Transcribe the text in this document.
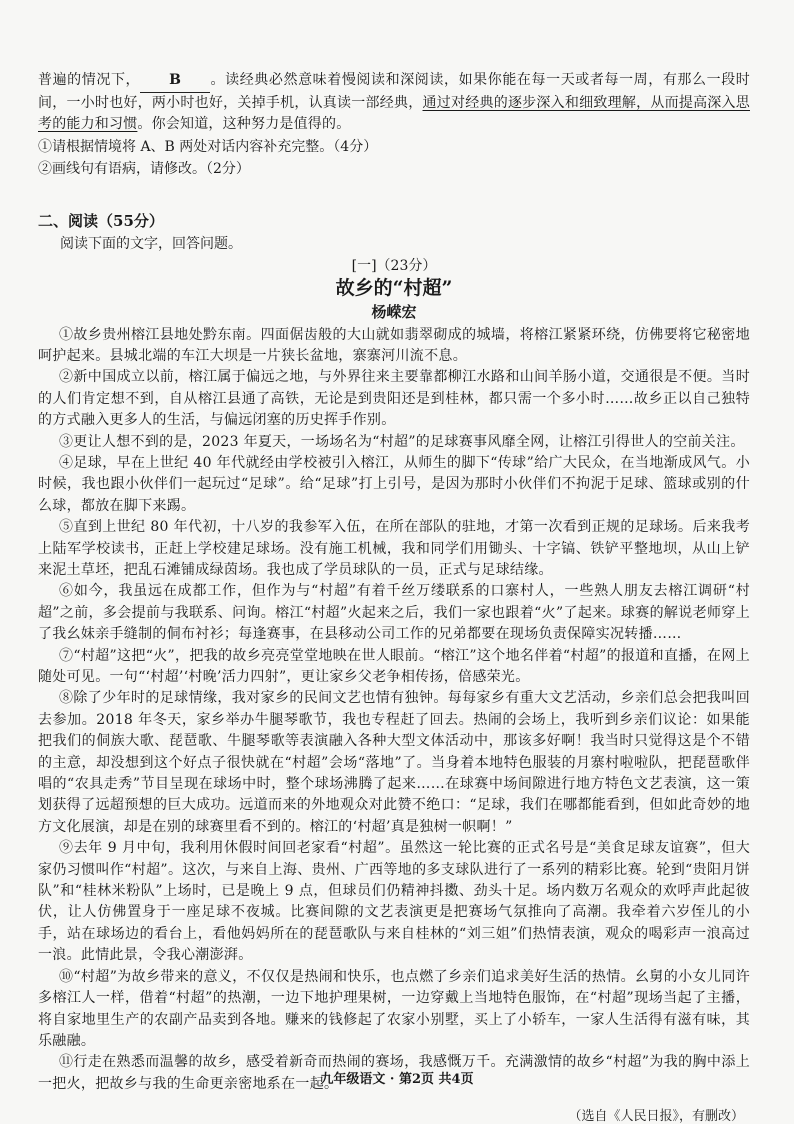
普遍的情况下， B 。读经典必然意味着慢阅读和深阅读，如果你能在每一天或者每一周，有那么一段时间，一小时也好，两小时也好，关掉手机，认真读一部经典，通过对经典的逐步深入和细致理解，从而提高深入思考的能力和习惯。你会知道，这种努力是值得的。

①请根据情境将 A、B 两处对话内容补充完整。（4分）

②画线句有语病，请修改。（2分）

二、阅读（55分）

阅读下面的文字，回答问题。

[一]（23分）

故乡的“村超”

杨嵘宏

①故乡贵州榕江县地处黔东南。四面倨齿般的大山就如翡翠砌成的城墙，将榕江紧紧环绕，仿佛要将它秘密地呵护起来。县城北端的车江大坝是一片狭长盆地，寨寨河川流不息。

②新中国成立以前，榕江属于偏远之地，与外界往来主要靠都柳江水路和山间羊肠小道，交通很是不便。当时的人们肯定想不到，自从榕江县通了高铁，无论是到贵阳还是到桂林，都只需一个多小时……故乡正以自己独特的方式融入更多人的生活，与偏远闭塞的历史挥手作别。

③更让人想不到的是，2023 年夏天，一场场名为“村超”的足球赛事风靡全网，让榕江引得世人的空前关注。

④足球，早在上世纪 40 年代就经由学校被引入榕江，从师生的脚下“传球”给广大民众，在当地渐成风气。小时候，我也跟小伙伴们一起玩过“足球”。给“足球”打上引号，是因为那时小伙伴们不拘泥于足球、篮球或别的什么球，都放在脚下来踢。

⑤直到上世纪 80 年代初，十八岁的我参军入伍，在所在部队的驻地，才第一次看到正规的足球场。后来我考上陆军学校读书，正赶上学校建足球场。没有施工机械，我和同学们用锄头、十字镐、铁铲平整地坝，从山上铲来泥土草坯，把乱石滩铺成绿茵场。我也成了学员球队的一员，正式与足球结缘。

⑥如今，我虽远在成都工作，但作为与“村超”有着千丝万缕联系的口寨村人，一些熟人朋友去榕江调研“村超”之前，多会提前与我联系、问询。榕江“村超”火起来之后，我们一家也跟着“火”了起来。球赛的解说老师穿上了我幺妹亲手缝制的侗布衬衫；每逢赛事，在县移动公司工作的兄弟都要在现场负责保障实况转播……

⑦“村超”这把“火”，把我的故乡亮亮堂堂地映在世人眼前。“榕江”这个地名伴着“村超”的报道和直播，在网上随处可见。一句“‘村超’‘村晚’活力四射”，更让家乡父老争相传扬，倍感荣光。

⑧除了少年时的足球情缘，我对家乡的民间文艺也情有独钟。每每家乡有重大文艺活动，乡亲们总会把我叫回去参加。2018 年冬天，家乡举办牛腿琴歌节，我也专程赶了回去。热闹的会场上，我听到乡亲们议论：如果能把我们的侗族大歌、琵琶歌、牛腿琴歌等表演融入各种大型文体活动中，那该多好啊！我当时只觉得这是个不错的主意，却没想到这个好点子很快就在“村超”会场“落地”了。当身着本地特色服装的月寨村啦啦队，把琵琶歌伴唱的“农具走秀”节目呈现在球场中时，整个球场沸腾了起来……在球赛中场间隙进行地方特色文艺表演，这一策划获得了远超预想的巨大成功。远道而来的外地观众对此赞不绝口：“足球，我们在哪都能看到，但如此奇妙的地方文化展演，却是在别的球赛里看不到的。榕江的‘村超’真是独树一帜啊！”

⑨去年 9 月中旬，我利用休假时间回老家看“村超”。虽然这一轮比赛的正式名号是“美食足球友谊赛”，但大家仍习惯叫作“村超”。这次，与来自上海、贵州、广西等地的多支球队进行了一系列的精彩比赛。轮到“贵阳月饼队”和“桂林米粉队”上场时，已是晚上 9 点，但球员们仍精神抖擞、劲头十足。场内数万名观众的欢呼声此起彼伏，让人仿佛置身于一座足球不夜城。比赛间隙的文艺表演更是把赛场气氛推向了高潮。我牵着六岁侄儿的小手，站在球场边的看台上，看他妈妈所在的琵琶歌队与来自桂林的“刘三姐”们热情表演，观众的喝彩声一浪高过一浪。此情此景，令我心潮澎湃。

⑩“村超”为故乡带来的意义，不仅仅是热闹和快乐，也点燃了乡亲们追求美好生活的热情。幺舅的小女儿同许多榕江人一样，借着“村超”的热潮，一边下地护理果树，一边穿戴上当地特色服饰，在“村超”现场当起了主播，将自家地里生产的农副产品卖到各地。赚来的钱修起了农家小别墅，买上了小轿车，一家人生活得有滋有味，其乐融融。

⑪行走在熟悉而温馨的故乡，感受着新奇而热闹的赛场，我感慨万千。充满激情的故乡“村超”为我的胸中添上一把火，把故乡与我的生命更亲密地系在一起。

（选自《人民日报》，有删改）

九年级语文 · 第2页 共4页
